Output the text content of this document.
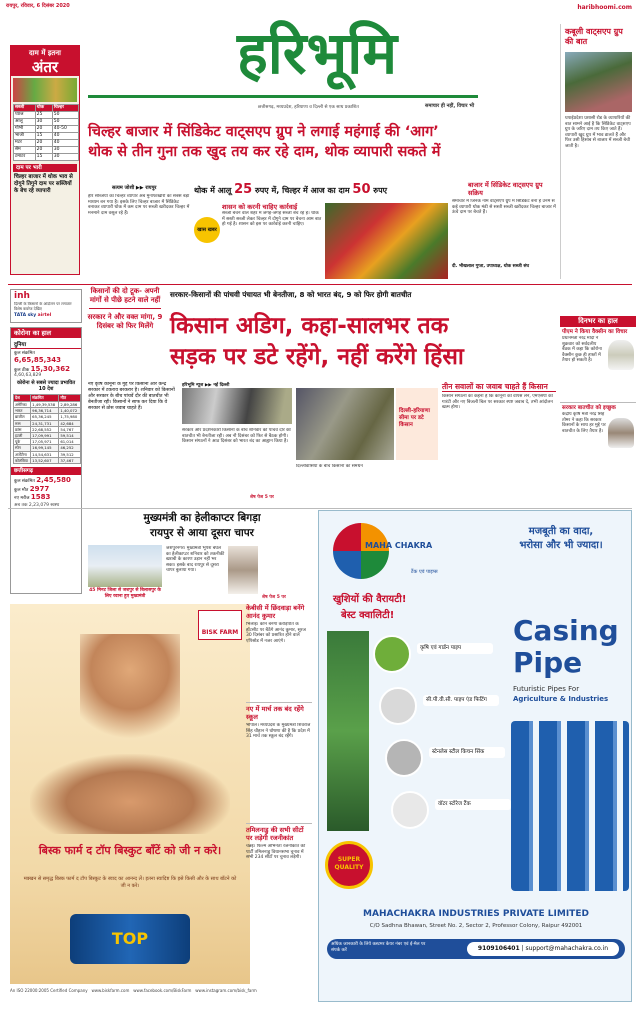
रायपुर, रविवार, 6 दिसंबर 2020	haribhoomi.com
हरिभूमि
छत्तीसगढ़, मध्यप्रदेश, हरियाणा व दिल्ली से एक साथ प्रकाशित	समाचार ही नहीं, विचार भी
दाम में इतना
अंतर
सब्जी	थोक	चिल्हर
प्याज	25	50
आलू	30	50
गोभी	20	40-50
भाजी	15	40
मटर	20	40
सेम	20	30
टमाटर	15	30
दाम पर भारी
चिल्हर बाजार में थोक भाव से दोगुने तिगुने दाम पर सब्जियों के बेच रहे व्यापारी
कबूली वाट्सएप ग्रुप की बात
घपाईप्रदेशा प्रशासी रोड के व्यापारियों की बात सामने आई है कि सिंडिकेट वाट्सएप ग्रुप के जरिए दाम तय किए जाते हैं। व्यापारी खुद ग्रुप में भाव डालते हैं और फिर उसी हिसाब से बाजार में सब्जी बेची जाती है।
चिल्हर बाजार में सिंडिकेट वाट्सएप ग्रुप ने लगाई महंगाई की ‘आग’
थोक से तीन गुना तक खुद तय कर रहे दाम, थोक व्यापारी सकते में
सत्यम जोशी ▶▶ रायपुर
हरि सब्जियों का चिल्हर व्यापार अब मुनाफाखोरी का सबसे बड़ा माध्यम बन गया है। इसके लिए चिल्हर बाजार में सिंडिकेट बनाकर व्यापारी थोक में कम दाम पर सब्जी खरीदकर चिल्हर में मनमाने दाम वसूल रहे हैं।
थोक में आलू 25 रुपए में, चिल्हर में आज का दाम 50 रुपए
खास खबर
शासन को करनी चाहिए कार्रवाई
सब्जी बेचने वाले शहर में जगह-जगह सब्जी बेच रहे हैं। थोक में सस्ती सब्जी लेकर चिल्हर में दोगुने दाम पर बेचना आम बात हो गई है। शासन को इस पर कार्रवाई करनी चाहिए।
बाजार में सिंडिकेट वाट्सएप ग्रुप सक्रिय
समाचार में जिनके नाम वाट्सएप ग्रुप में सिंडिकेट बना है उनमें से कई व्यापारी थोक मंडी से सस्ती सब्जी खरीदकर चिल्हर बाजार में ऊंचे दाम पर बेचते हैं।
दी. भीखलाल गुप्ता, उपाध्यक्ष, थोक सब्जी संघ
inh
दिल्ली के किसानों के आंदोलन पर लगातार विशेष कवरेज देखिए
TATA sky airtel
किसानों की दो टूक- अपनी मांगों से पीछे हटने वाले नहीं
सरकार ने और वक्त मांगा, 9 दिसंबर को फिर मिलेंगे
कोरोना का हाल
दुनिया
कुल संक्रमित 6,65,85,343
कुल ठीक 15,30,362
4,60,63,829
कोरोना से सबसे ज्यादा प्रभावित 10 देश
देश	संक्रमित	मौत
अमेरिका	1,49,39,538	2,89,286
भारत	96,36,714	1,40,072
ब्राजील	65,36,245	1,75,980
रूस	24,31,731	42,684
फ्रांस	22,68,552	54,767
इटली	17,09,991	59,514
यूके	17,05,971	61,014
स्पेन	16,99,145	46,252
अर्जेंटीना	14,54,631	39,512
कोलंबिया	13,52,607	37,467
छत्तीसगढ़
कुल संक्रमित 2,45,580
कुल मौत 2977
नए मरीज 1583
अब तक 2,23,079 स्वस्थ
सरकार-किसानों की पांचवी पंचायत भी बेनतीजा, 8 को भारत बंद, 9 को फिर होगी बातचीत
किसान अडिग, कहा-सालभर तक
सड़क पर डटे रहेंगे, नहीं करेंगे हिंसा
नए कृषि कानूनों के मुद्दे पर किसानों और केन्द्र सरकार में टकराव बरकरार है। शनिवार को किसानों और सरकार के बीच पांचवें दौर की बातचीत भी बेनतीजा रही। किसानों ने साफ कर दिया कि वे सरकार से ठोस जवाब चाहते हैं।
हरिभूमि न्यूज ▶▶ नई दिल्ली
सरकार और प्रदर्शनकारी किसानों के बीच शनिवार को पांचवें दौर की बातचीत भी बेनतीजा रही। अब नौ दिसंबर को फिर से बैठक होगी। किसान संगठनों ने आठ दिसंबर को भारत बंद का आह्वान किया है।
शेष पेज 5 पर
दिल्ली-हरियाणा सीमा पर डटे किसान
दिल्लीवासियों के बीच किसानों का समर्थन
तीन सवालों का जवाब चाहते हैं किसान
किसान संगठनों का कहना है कि कानूनों को वापस लेने, एमएसपी की गारंटी और नए बिजली बिल पर सरकार स्पष्ट जवाब दे, तभी आंदोलन खत्म होगा।
दिनभर का हाल
पीएम ने किया वैक्सीन का विचार
प्रधानमंत्री नरेंद्र मोदी ने शुक्रवार को सर्वदलीय बैठक में कहा कि कोरोना वैक्सीन कुछ ही हफ्तों में तैयार हो सकती है।
सरकार बातचीत को इच्छुक
केंद्रीय कृषि मंत्री नरेंद्र सिंह तोमर ने कहा कि सरकार किसानों के साथ हर मुद्दे पर बातचीत के लिए तैयार है।
मुख्यमंत्री का हेलीकाप्टर बिगड़ा
रायपुर से आया दूसरा चापर
45 मिनट जिला से जशपुर से बिलासपुर के लिए रवाना हुए मुख्यमंत्री
जशपुरनगर। मुख्यमंत्री भूपेश बघेल का हेलीकाप्टर शनिवार को तकनीकी खराबी के कारण उड़ान नहीं भर सका। इसके बाद रायपुर से दूसरा चापर बुलाया गया।
शेष पेज 5 पर
BISK FARM
बिस्क फार्म द टॉप बिस्कुट बॉंटें को जी न करे।
मक्खन से समृद्ध बिस्क फार्म द टॉप बिस्कुट के स्वाद का आनन्द लें। इतना स्वादिष्ट कि इसे किसी और के साथ बाँटने को जी न करे।
TOP
An ISO 22000:2005 Certified Company www.biskfarm.com www.facebook.com/BiskFarm www.instagram.com/bisk_farm
केबीसी में छिंदवाड़ा बनेंगे आनंद कुमार
भिलाई। कौन बनेगा करोड़पति के हॉटसीट पर बैठेंगे आनंद कुमार, सूरज 30 दिसंबर को प्रसारित होने वाले एपिसोड में नजर आएंगे।
नए में मार्च तक बंद रहेंगे स्कूल
भोपाल। मध्यप्रदेश के मुख्यमंत्री शिवराज सिंह चौहान ने घोषणा की है कि प्रदेश में 31 मार्च तक स्कूल बंद रहेंगे।
तमिलनाडु की सभी सीटों पर लड़ेगी रजनीकांत
चेन्नई। फिल्म अभिनेता रजनीकांत की पार्टी तमिलनाडु विधानसभा चुनाव में सभी 234 सीटों पर चुनाव लड़ेगी।
MAHA CHAKRA
टैंक एवं पाइप्स
मजबूती का वादा,
भरोसा और भी ज्यादा।
खुशियों की वैरायटी!
बेस्ट क्वालिटी!
कृषि एवं गार्डन पाइप
सी.पी.वी.सी. पाइप एंड फिटिंग
स्टेनलेस स्टील किचन सिंक
वॉटर स्टोरेज टैंक
SUPER QUALITY
Casing
Pipe
Futuristic Pipes For
Agriculture & Industries
MAHACHAKRA INDUSTRIES PRIVATE LIMITED
C/O Sadhna Bhawan, Street No. 2, Sector 2, Professor Colony, Raipur 492001
अधिक जानकारी के लिये कस्टमर केयर नंबर एवं ई-मेल पर संपर्क करें	9109106401 | support@mahachakra.co.in
